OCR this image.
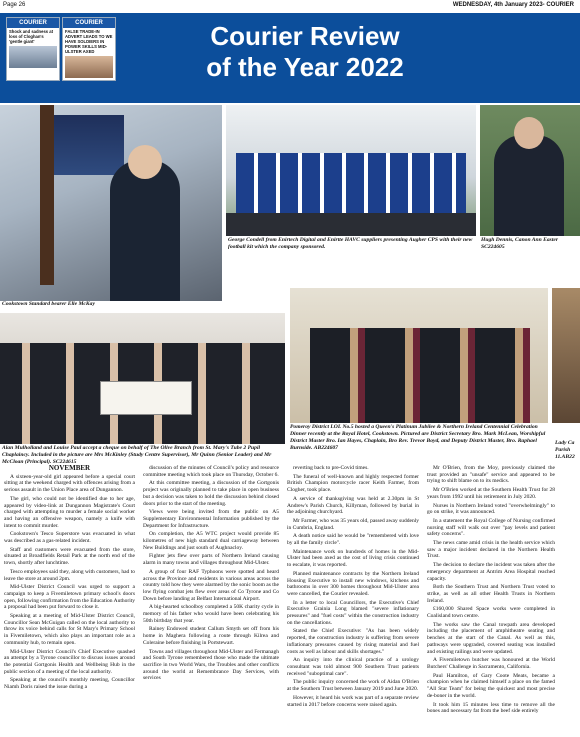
Page 26	WEDNESDAY, 4th January 2023- COURIER
COURIER
Shock and sadness at loss of Cloghan's 'gentle giant'
COURIER
FALSE TRADE-IN ADVERT LEADS TO WE HAVE SOLDIERS IN POWER SKILLS MID-ULSTER AXED
Courier Review
of the Year 2022
Cookstown Standard bearer Elle McKay
George Condell from Enirtech Digital and Enirtte HAVC suppliers presenting Augher CPS with their new football kit which the company sponsored.
Hugh Dennis, Canon Ann Easter SC224605
Alan Mulholland and Louise Paul accept a cheque on behalf of The Olive Branch from St. Mary's Tube 2 Pupil Chaplaincy. Included in the picture are Mrs McKinley (Study Centre Supervisor), Mr Quinn (Senior Leader) and Mr McCloan (Principal). SC224615
Pomeroy District LOL No.5 hosted a Queen's Platinum Jubilee & Northern Ireland Centennial Celebration Dinner recently at the Royal Hotel, Cookstown. Pictured are District Secretary Bro. Mark McLean, Worshipful District Master Bro. Ian Hayes, Chaplain, Bro Rev. Trevor Boyd, and Deputy District Master, Bro. Raphael Burnside. AB224607
Lady Ca
Parish
11.AB22

NOVEMBER

A sixteen-year-old girl appeared before a special court sitting at the weekend charged with offences arising from a serious assault in the Union Place area of Dungannon.

The girl, who could not be identified due to her age, appeared by video-link at Dungannon Magistrate's Court charged with attempting to murder a female social worker and having an offensive weapon, namely a knife with intent to commit murder.

Cookstown's Tesco Superstore was evacuated in what was described as a gas-related incident.

Staff and customers were evacuated from the store, situated at Broadfields Retail Park at the north end of the town, shortly after lunchtime.

Tesco employees said they, along with customers, had to leave the store at around 2pm.

Mid-Ulster District Council was urged to support a campaign to keep a Fivemiletown primary school's doors open, following confirmation from the Education Authority a proposal had been put forward to close it.

Speaking at a meeting of Mid-Ulster District Council, Councillor Sean McGuigan called on the local authority to throw its voice behind calls for St Mary's Primary School in Fivemiletown, which also plays an important role as a community hub, to remain open.

Mid-Ulster District Council's Chief Executive quashed an attempt by a Tyrone councillor to discuss issues around the potential Gortgonis Health and Wellbeing Hub in the public section of a meeting of the local authority.

Speaking at the council's monthly meeting, Councillor Niamh Doris raised the issue during a

discussion of the minutes of Council's policy and resource committee meeting which took place on Thursday, October 6.

At this committee meeting, a discussion of the Gortgonis project was originally planned to take place in open business but a decision was taken to hold the discussion behind closed doors prior to the start of the meeting.

Views were being invited from the public on A5 Supplementary Environmental Information published by the Department for Infrastructure.

On completion, the A5 WTC project would provide 85 kilometres of new high standard dual carriageway between New Buildings and just south of Aughnacloy.

Fighter jets flew over parts of Northern Ireland causing alarm in many towns and villages throughout Mid-Ulster.

A group of four RAF Typhoons were spotted and heard across the Province and residents in various areas across the country told how they were alarmed by the sonic boom as the low flying combat jets flew over areas of Co Tyrone and Co Down before landing at Belfast International Airport.

A big-hearted schoolboy completed a 50K charity cycle in memory of his father who would have been celebrating his 50th birthday that year.

Rainey Endowed student Callum Smyth set off from his home in Maghera following a route through Kilrea and Coleraine before finishing in Portstewart.

Towns and villages throughout Mid-Ulster and Fermanagh and South Tyrone remembered those who made the ultimate sacrifice in two World Wars, the Troubles and other conflicts around the world at Remembrance Day Services, with services

reverting back to pre-Covid times.

The funeral of well-known and highly respected former British Champion motorcycle racer Keith Farmer, from Clogher, took place.

A service of thanksgiving was held at 2.30pm in St Andrew's Parish Church, Killyman, followed by burial in the adjoining churchyard.

Mr Farmer, who was 35 years old, passed away suddenly in Cumbria, England.

A death notice said he would be "remembered with love by all the family circle".

Maintenance work on hundreds of homes in the Mid-Ulster had been axed as the cost of living crisis continued to escalate, it was reported.

Planned maintenance contracts by the Northern Ireland Housing Executive to install new windows, kitchens and bathrooms in over 300 homes throughout Mid-Ulster area were cancelled, the Courier revealed.

In a letter to local Councillors, the Executive's Chief Executive Grainia Long blamed "severe inflationary pressures" and "fuel costs" within the construction industry on the cancellations.

Stated the Chief Executive: "As has been widely reported, the construction industry is suffering from severe inflationary pressures caused by rising material and fuel costs as well as labour and skills shortages."

An inquiry into the clinical practice of a urology consultant was told almost 900 Southern Trust patients received "suboptimal care".

The public inquiry concerned the work of Aidan O'Brien at the Southern Trust between January 2019 and June 2020.

However, it heard his work was part of a separate review started in 2017 before concerns were raised again.

Mr O'Brien, from the Moy, previously claimed the trust provided an "unsafe" service and appeared to be trying to shift blame on to its medics.

Mr O'Brien worked at the Southern Health Trust for 28 years from 1992 until his retirement in July 2020.

Nurses in Northern Ireland voted "overwhelmingly" to go on strike, it was announced.

In a statement the Royal College of Nursing confirmed nursing staff will walk out over "pay levels and patient safety concerns".

The news came amid crisis in the health service which saw a major incident declared in the Northern Health Trust.

The decision to declare the incident was taken after the emergency department at Antrim Area Hospital reached capacity.

Both the Southern Trust and Northern Trust voted to strike, as well as all other Health Trusts in Northern Ireland.

£160,000 Shared Space works were completed in Coalisland town centre.

The works saw the Canal towpath area developed including the placement of amphitheatre seating and benches at the start of the Canal. As well as this, pathways were upgraded, covered seating was installed and existing railings and were updated.

A Fivemiletown butcher was honoured at the World Butchers' Challenge in Sacramento, California.

Paul Hamilton, of Gary Coote Meats, became a champion when he claimed himself a place on the famed "All Star Team" for being the quickest and most precise de-boner in the world.

It took him 15 minutes less time to remove all the bones and necessary fat from the beef side entirely
